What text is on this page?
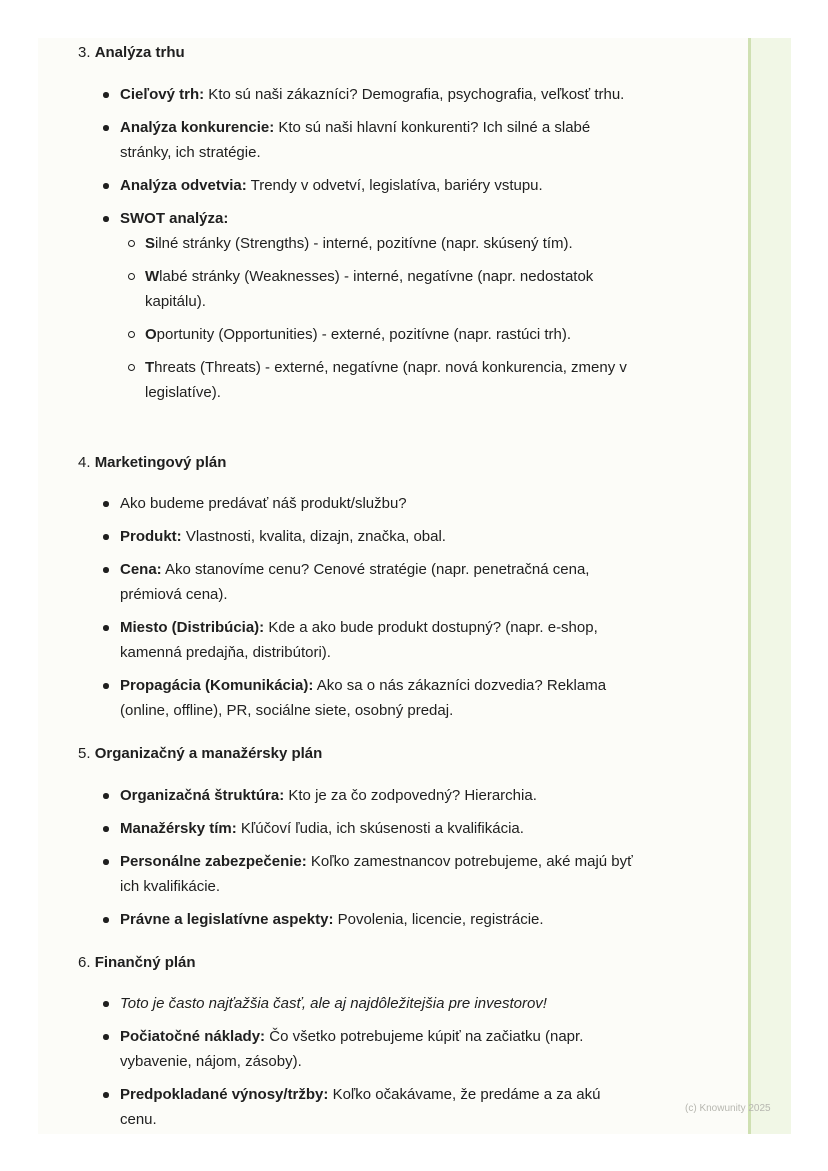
3. Analýza trhu
Cieľový trh: Kto sú naši zákazníci? Demografia, psychografia, veľkosť trhu.
Analýza konkurencie: Kto sú naši hlavní konkurenti? Ich silné a slabé stránky, ich stratégie.
Analýza odvetvia: Trendy v odvetví, legislatíva, bariéry vstupu.
SWOT analýza:
Silné stránky (Strengths) - interné, pozitívne (napr. skúsený tím).
Wlabé stránky (Weaknesses) - interné, negatívne (napr. nedostatok kapitálu).
Oportunity (Opportunities) - externé, pozitívne (napr. rastúci trh).
Threats (Threats) - externé, negatívne (napr. nová konkurencia, zmeny v legislatíve).
4. Marketingový plán
Ako budeme predávať náš produkt/službu?
Produkt: Vlastnosti, kvalita, dizajn, značka, obal.
Cena: Ako stanovíme cenu? Cenové stratégie (napr. penetračná cena, prémiová cena).
Miesto (Distribúcia): Kde a ako bude produkt dostupný? (napr. e-shop, kamenná predajňa, distribútori).
Propagácia (Komunikácia): Ako sa o nás zákazníci dozvedia? Reklama (online, offline), PR, sociálne siete, osobný predaj.
5. Organizačný a manažérsky plán
Organizačná štruktúra: Kto je za čo zodpovedný? Hierarchia.
Manažérsky tím: Kľúčoví ľudia, ich skúsenosti a kvalifikácia.
Personálne zabezpečenie: Koľko zamestnancov potrebujeme, aké majú byť ich kvalifikácie.
Právne a legislatívne aspekty: Povolenia, licencie, registrácie.
6. Finančný plán
Toto je často najťažšia časť, ale aj najdôležitejšia pre investorov!
Počiatočné náklady: Čo všetko potrebujeme kúpiť na začiatku (napr. vybavenie, nájom, zásoby).
Predpokladané výnosy/tržby: Koľko očakávame, že predáme a za akú cenu.
(c) Knowunity 2025
